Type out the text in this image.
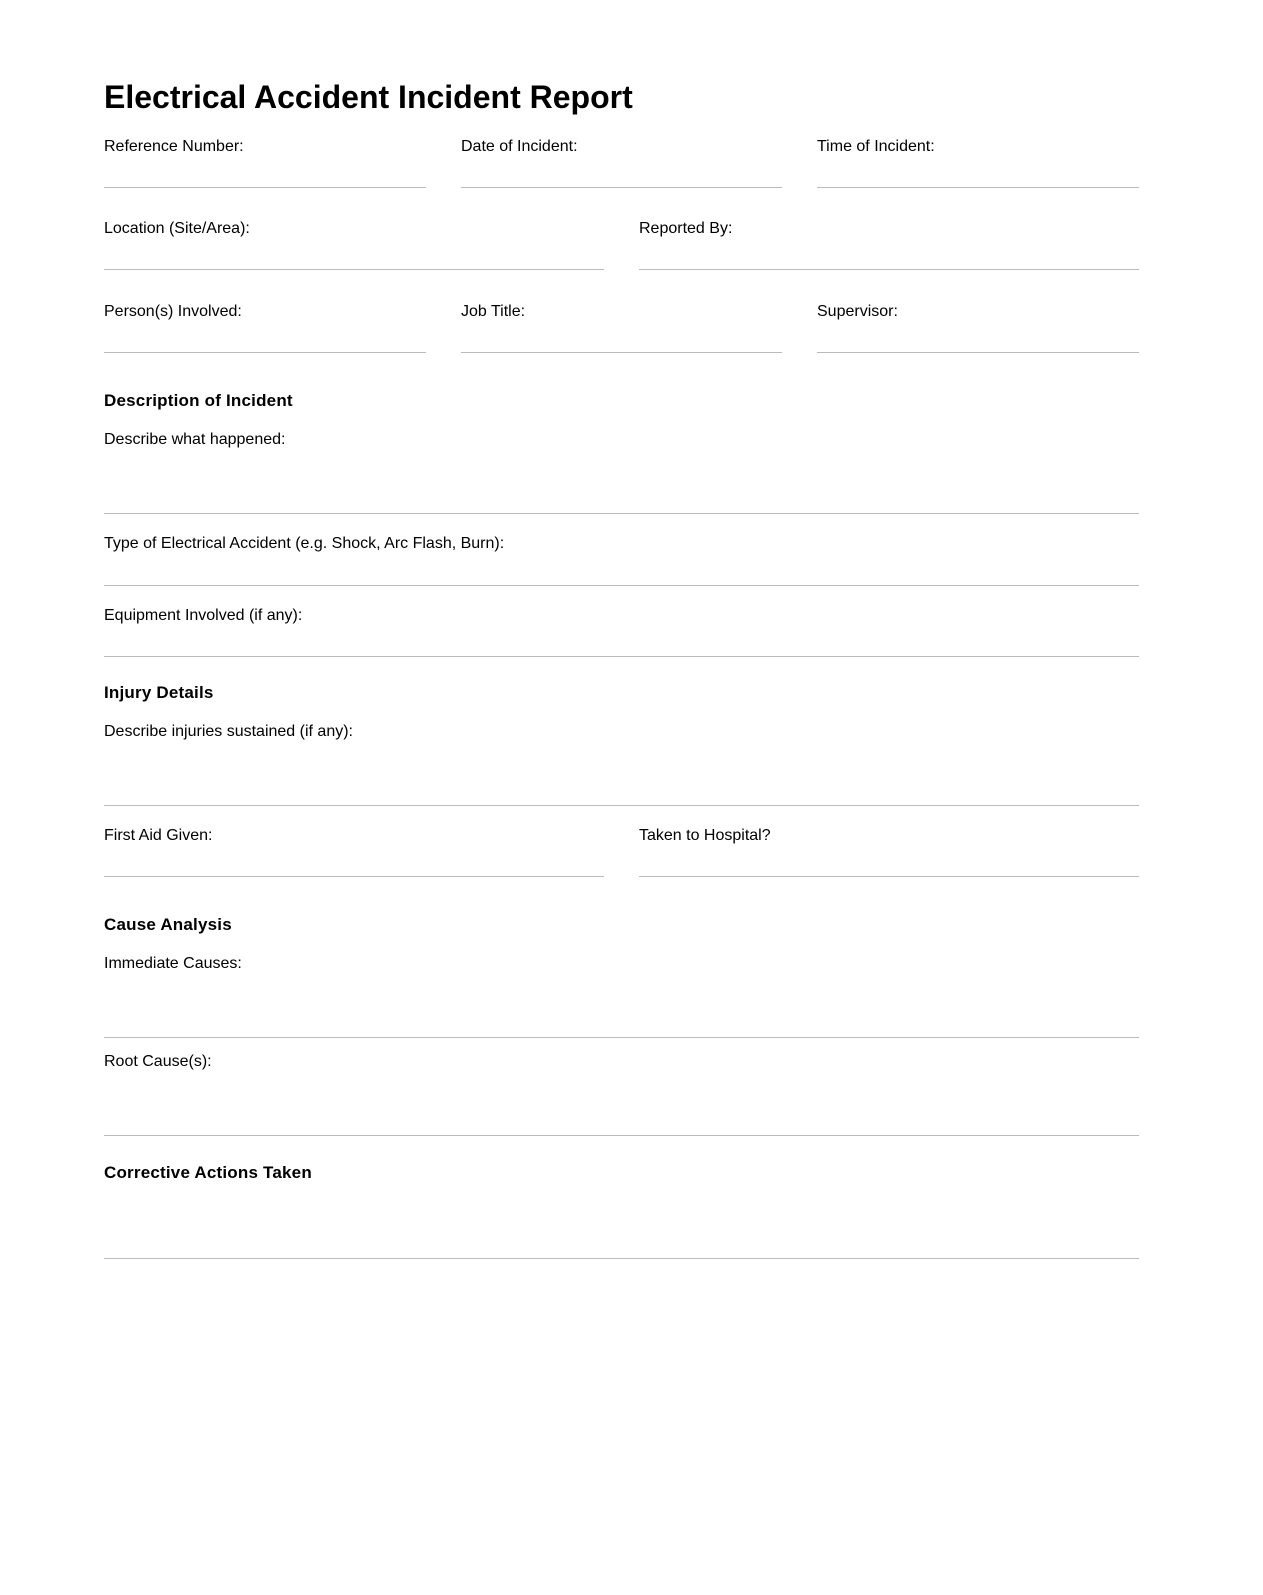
Electrical Accident Incident Report
Reference Number:	Date of Incident:	Time of Incident:
Location (Site/Area):	Reported By:
Person(s) Involved:	Job Title:	Supervisor:
Description of Incident
Describe what happened:
Type of Electrical Accident (e.g. Shock, Arc Flash, Burn):
Equipment Involved (if any):
Injury Details
Describe injuries sustained (if any):
First Aid Given:	Taken to Hospital?
Cause Analysis
Immediate Causes:
Root Cause(s):
Corrective Actions Taken
